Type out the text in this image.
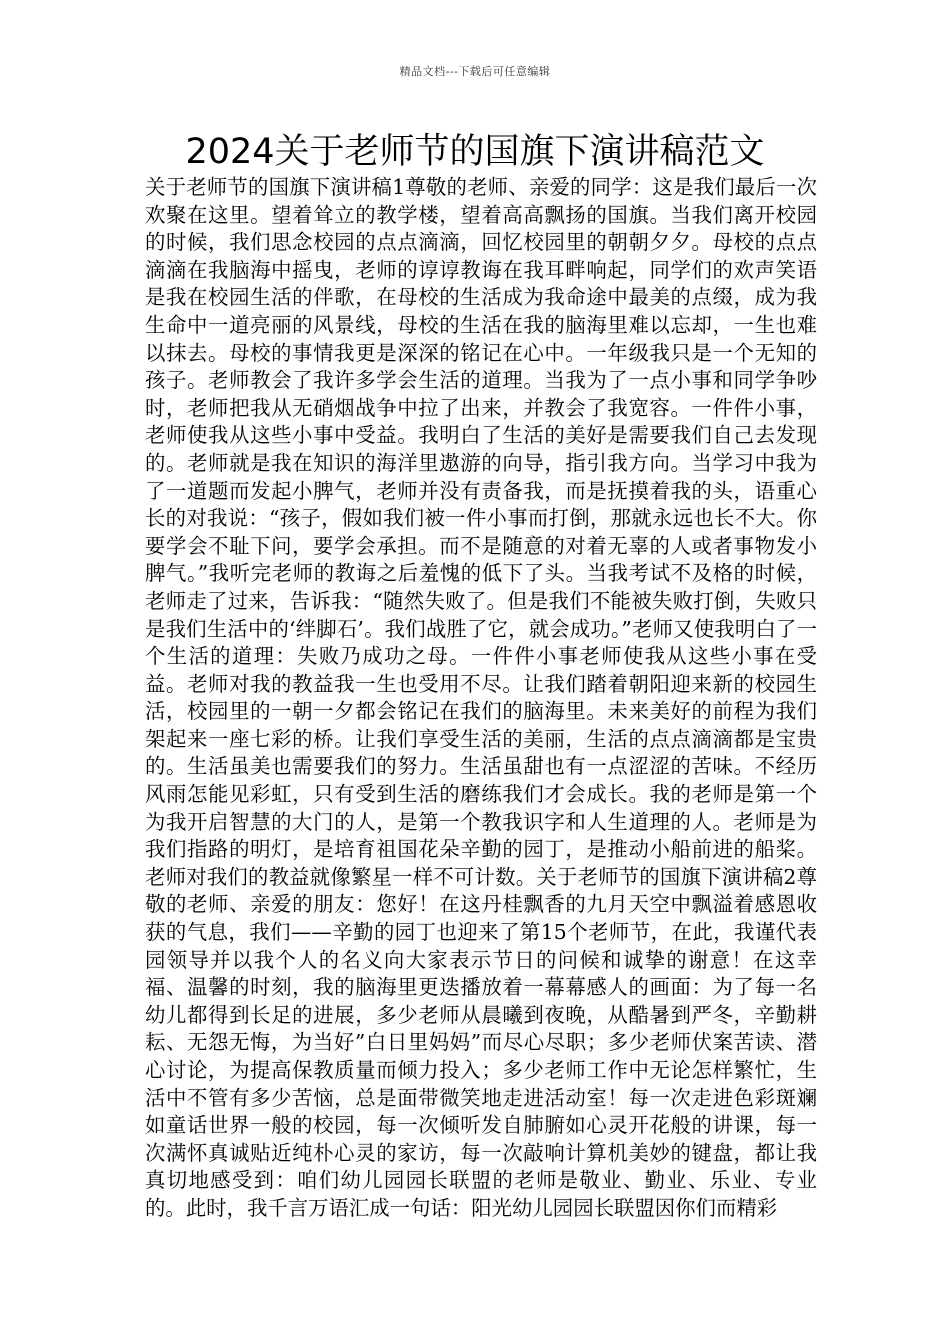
精品文档---下载后可任意编辑
2024关于老师节的国旗下演讲稿范文

关于老师节的国旗下演讲稿1尊敬的老师、亲爱的同学：这是我们最后一次欢聚在这里。望着耸立的教学楼，望着高高飘扬的国旗。当我们离开校园的时候，我们思念校园的点点滴滴，回忆校园里的朝朝夕夕。母校的点点滴滴在我脑海中摇曳，老师的谆谆教诲在我耳畔响起，同学们的欢声笑语是我在校园生活的伴歌，在母校的生活成为我命途中最美的点缀，成为我生命中一道亮丽的风景线，母校的生活在我的脑海里难以忘却，一生也难以抹去。母校的事情我更是深深的铭记在心中。一年级我只是一个无知的孩子。老师教会了我许多学会生活的道理。当我为了一点小事和同学争吵时，老师把我从无硝烟战争中拉了出来，并教会了我宽容。一件件小事，老师使我从这些小事中受益。我明白了生活的美好是需要我们自己去发现的。老师就是我在知识的海洋里遨游的向导，指引我方向。当学习中我为了一道题而发起小脾气，老师并没有责备我，而是抚摸着我的头，语重心长的对我说：“孩子，假如我们被一件小事而打倒，那就永远也长不大。你要学会不耻下问，要学会承担。而不是随意的对着无辜的人或者事物发小脾气。”我听完老师的教诲之后羞愧的低下了头。当我考试不及格的时候，老师走了过来，告诉我：“随然失败了。但是我们不能被失败打倒，失败只是我们生活中的‘绊脚石’。我们战胜了它，就会成功。”老师又使我明白了一个生活的道理：失败乃成功之母。一件件小事老师使我从这些小事在受益。老师对我的教益我一生也受用不尽。让我们踏着朝阳迎来新的校园生活，校园里的一朝一夕都会铭记在我们的脑海里。未来美好的前程为我们架起来一座七彩的桥。让我们享受生活的美丽，生活的点点滴滴都是宝贵的。生活虽美也需要我们的努力。生活虽甜也有一点涩涩的苦味。不经历风雨怎能见彩虹，只有受到生活的磨练我们才会成长。我的老师是第一个为我开启智慧的大门的人，是第一个教我识字和人生道理的人。老师是为我们指路的明灯，是培育祖国花朵辛勤的园丁，是推动小船前进的船桨。老师对我们的教益就像繁星一样不可计数。关于老师节的国旗下演讲稿2尊敬的老师、亲爱的朋友：您好！在这丹桂飘香的九月天空中飘溢着感恩收获的气息，我们——辛勤的园丁也迎来了第15个老师节，在此，我谨代表园领导并以我个人的名义向大家表示节日的问候和诚挚的谢意！在这幸福、温馨的时刻，我的脑海里更迭播放着一幕幕感人的画面：为了每一名幼儿都得到长足的进展，多少老师从晨曦到夜晚，从酷暑到严冬，辛勤耕耘、无怨无悔，为当好”白日里妈妈”而尽心尽职；多少老师伏案苦读、潜心讨论，为提高保教质量而倾力投入；多少老师工作中无论怎样繁忙，生活中不管有多少苦恼，总是面带微笑地走进活动室！每一次走进色彩斑斓如童话世界一般的校园，每一次倾听发自肺腑如心灵开花般的讲课，每一次满怀真诚贴近纯朴心灵的家访，每一次敲响计算机美妙的键盘，都让我真切地感受到：咱们幼儿园园长联盟的老师是敬业、勤业、乐业、专业的。此时，我千言万语汇成一句话：阳光幼儿园园长联盟因你们而精彩
